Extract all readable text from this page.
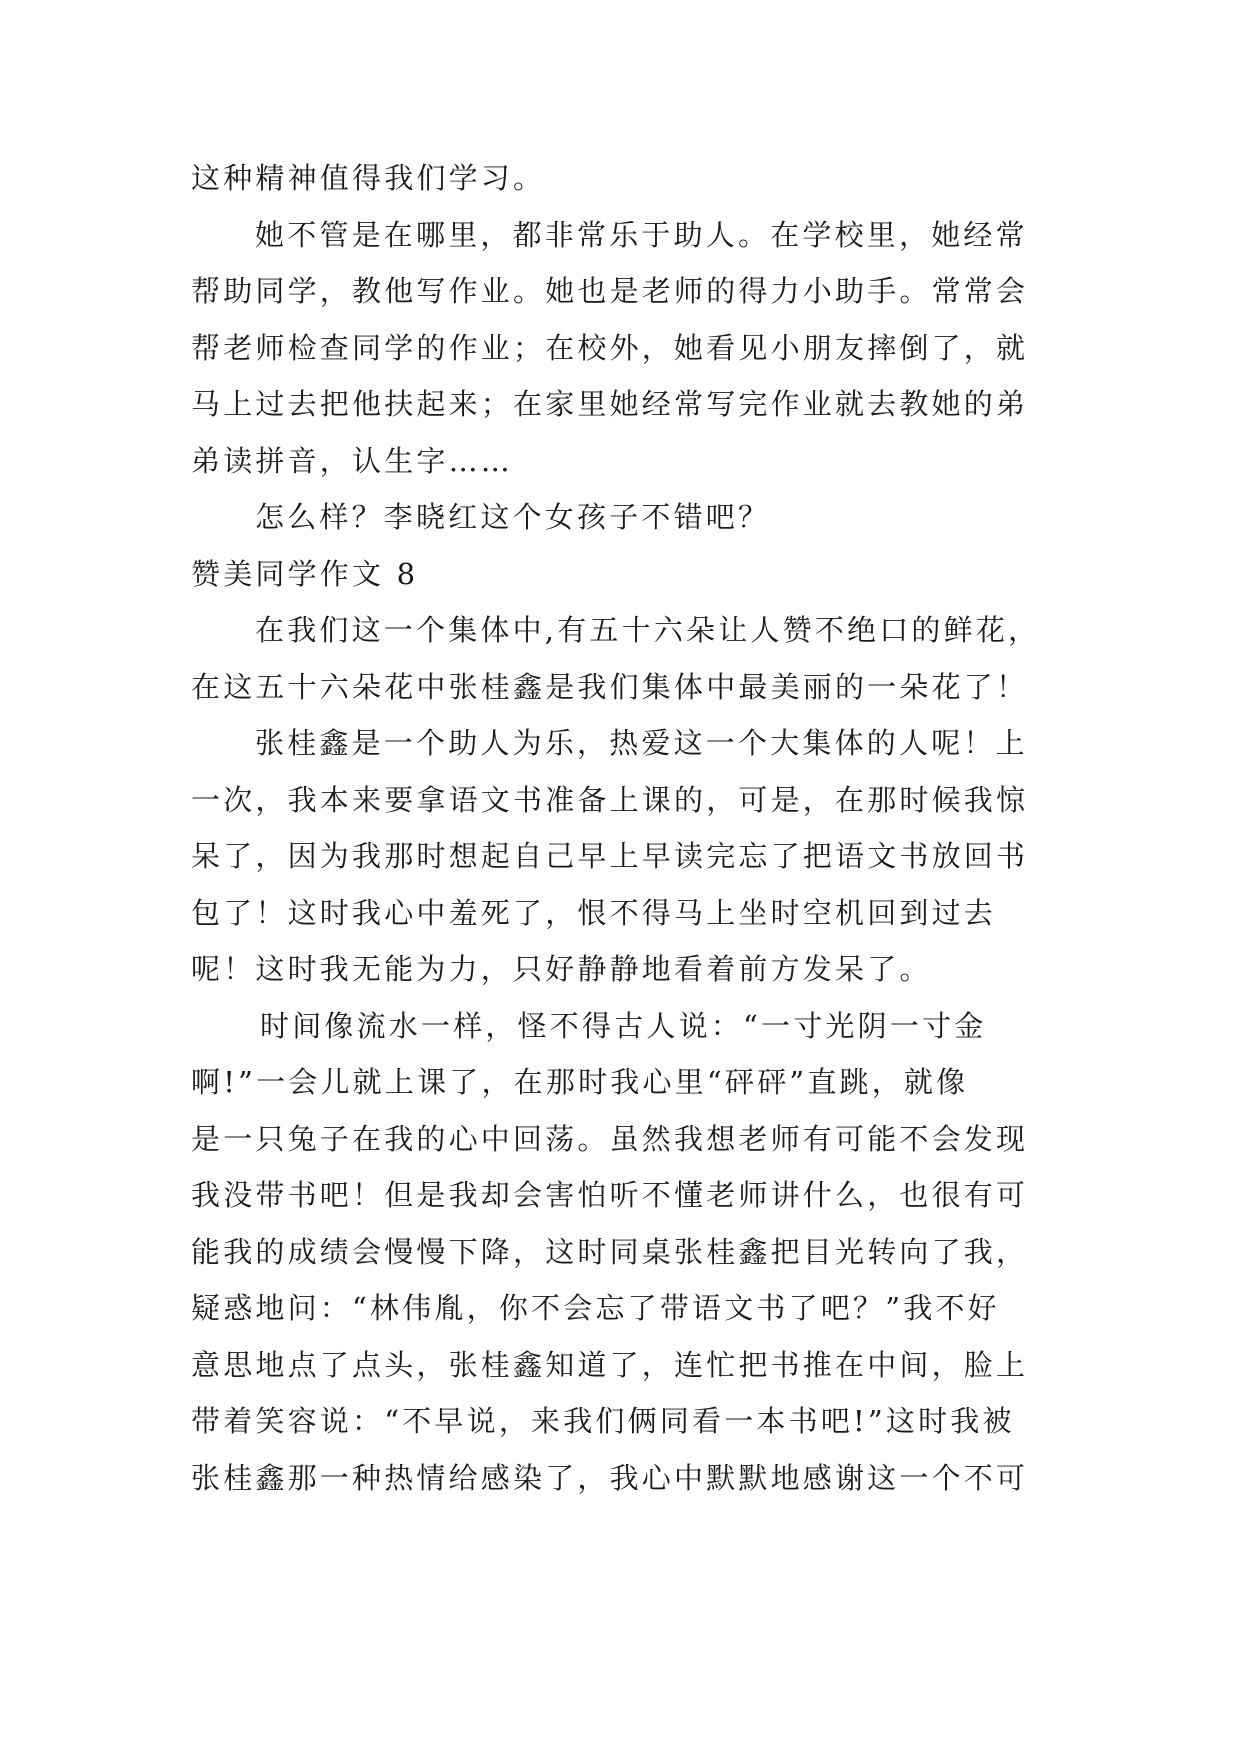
这种精神值得我们学习。
她不管是在哪里，都非常乐于助人。在学校里，她经常
帮助同学，教他写作业。她也是老师的得力小助手。常常会
帮老师检查同学的作业；在校外，她看见小朋友摔倒了，就
马上过去把他扶起来；在家里她经常写完作业就去教她的弟
弟读拼音，认生字……
怎么样？李晓红这个女孩子不错吧？
赞美同学作文 8
在我们这一个集体中,有五十六朵让人赞不绝口的鲜花，
在这五十六朵花中张桂鑫是我们集体中最美丽的一朵花了！
张桂鑫是一个助人为乐，热爱这一个大集体的人呢！上
一次，我本来要拿语文书准备上课的，可是，在那时候我惊
呆了，因为我那时想起自己早上早读完忘了把语文书放回书
包了！这时我心中羞死了，恨不得马上坐时空机回到过去
呢！这时我无能为力，只好静静地看着前方发呆了。
时间像流水一样，怪不得古人说：“一寸光阴一寸金
啊!”一会儿就上课了，在那时我心里“砰砰”直跳，就像
是一只兔子在我的心中回荡。虽然我想老师有可能不会发现
我没带书吧！但是我却会害怕听不懂老师讲什么，也很有可
能我的成绩会慢慢下降，这时同桌张桂鑫把目光转向了我，
疑惑地问：“林伟胤，你不会忘了带语文书了吧？”我不好
意思地点了点头，张桂鑫知道了，连忙把书推在中间，脸上
带着笑容说：“不早说，来我们俩同看一本书吧!”这时我被
张桂鑫那一种热情给感染了，我心中默默地感谢这一个不可
